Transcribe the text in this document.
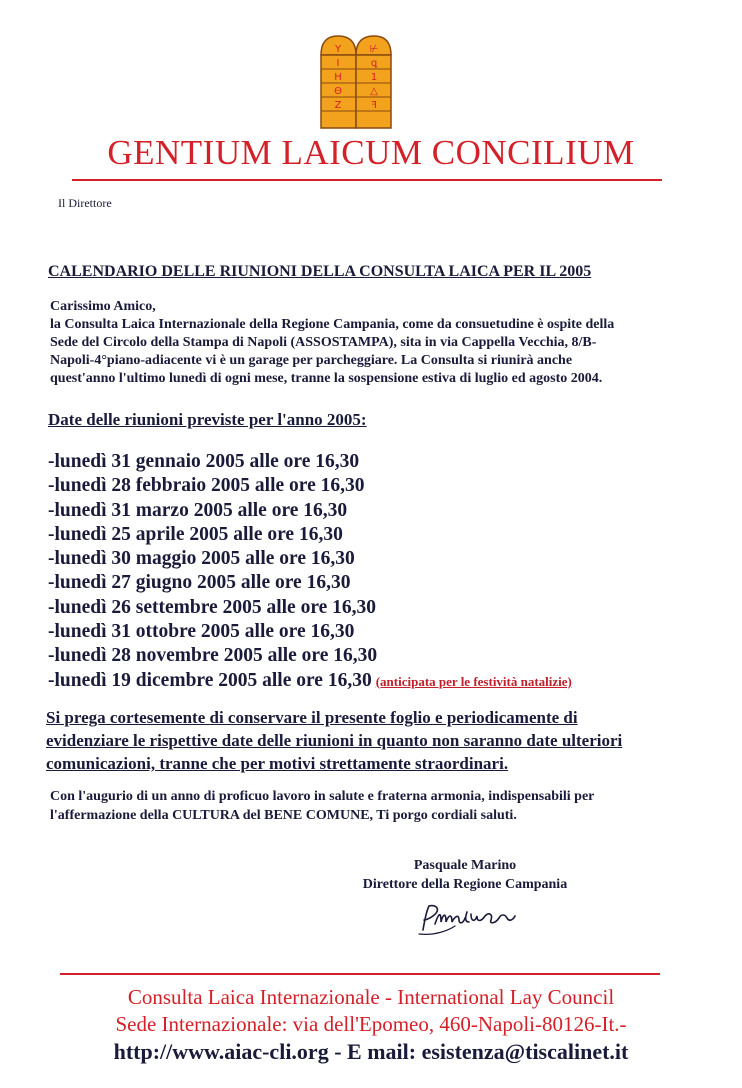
Y	⊬
I	ꝗ
H	1
Θ	△
Z	ꟻ
GENTIUM LAICUM CONCILIUM
Il Direttore
CALENDARIO DELLE RIUNIONI DELLA CONSULTA LAICA PER IL 2005

Carissimo Amico,

la Consulta Laica Internazionale della Regione Campania, come da consuetudine è ospite della

Sede del Circolo della Stampa di Napoli (ASSOSTAMPA), sita in via Cappella Vecchia, 8/B-

Napoli-4°piano-adiacente vi è un garage per parcheggiare. La Consulta si riunirà anche

quest'anno l'ultimo lunedì di ogni mese, tranne la sospensione estiva di luglio ed agosto 2004.

Date delle riunioni previste per l'anno 2005:
-lunedì 31 gennaio 2005 alle ore 16,30
-lunedì 28 febbraio 2005 alle ore 16,30
-lunedì 31 marzo 2005 alle ore 16,30
-lunedì 25 aprile 2005 alle ore 16,30
-lunedì 30 maggio 2005 alle ore 16,30
-lunedì 27 giugno 2005 alle ore 16,30
-lunedì 26 settembre 2005 alle ore 16,30
-lunedì 31 ottobre 2005 alle ore 16,30
-lunedì 28 novembre 2005 alle ore 16,30
-lunedì 19 dicembre 2005 alle ore 16,30 (anticipata per le festività natalizie)

Si prega cortesemente di conservare il presente foglio e periodicamente di

evidenziare le rispettive date delle riunioni in quanto non saranno date ulteriori

comunicazioni, tranne che per motivi strettamente straordinari.

Con l'augurio di un anno di proficuo lavoro in salute e fraterna armonia, indispensabili per

l'affermazione della CULTURA del BENE COMUNE, Ti porgo cordiali saluti.

Pasquale Marino
Direttore della Regione Campania
Consulta Laica Internazionale - International Lay Council
Sede Internazionale: via dell'Epomeo, 460-Napoli-80126-It.-
http://www.aiac-cli.org - E mail: esistenza@tiscalinet.it
